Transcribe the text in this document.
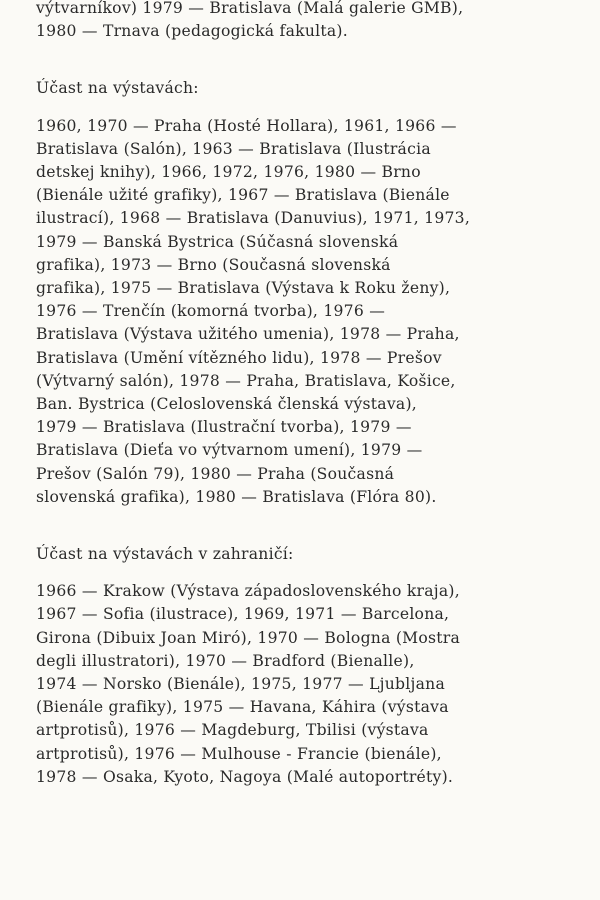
výtvarníkov) 1979 — Bratislava (Malá galerie GMB),
1980 — Trnava (pedagogická fakulta).
Účast na výstavách:
1960, 1970 — Praha (Hosté Hollara), 1961, 1966 —
Bratislava (Salón), 1963 — Bratislava (Ilustrácia
detskej knihy), 1966, 1972, 1976, 1980 — Brno
(Bienále užité grafiky), 1967 — Bratislava (Bienále
ilustrací), 1968 — Bratislava (Danuvius), 1971, 1973,
1979 — Banská Bystrica (Súčasná slovenská
grafika), 1973 — Brno (Současná slovenská
grafika), 1975 — Bratislava (Výstava k Roku ženy),
1976 — Trenčín (komorná tvorba), 1976 —
Bratislava (Výstava užitého umenia), 1978 — Praha,
Bratislava (Umění vítězného lidu), 1978 — Prešov
(Výtvarný salón), 1978 — Praha, Bratislava, Košice,
Ban. Bystrica (Celoslovenská členská výstava),
1979 — Bratislava (Ilustrační tvorba), 1979 —
Bratislava (Dieťa vo výtvarnom umení), 1979 —
Prešov (Salón 79), 1980 — Praha (Současná
slovenská grafika), 1980 — Bratislava (Flóra 80).
Účast na výstavách v zahraničí:
1966 — Krakow (Výstava západoslovenského kraja),
1967 — Sofia (ilustrace), 1969, 1971 — Barcelona,
Girona (Dibuix Joan Miró), 1970 — Bologna (Mostra
degli illustratori), 1970 — Bradford (Bienalle),
1974 — Norsko (Bienále), 1975, 1977 — Ljubljana
(Bienále grafiky), 1975 — Havana, Káhira (výstava
artprotisů), 1976 — Magdeburg, Tbilisi (výstava
artprotisů), 1976 — Mulhouse - Francie (bienále),
1978 — Osaka, Kyoto, Nagoya (Malé autoportréty).
